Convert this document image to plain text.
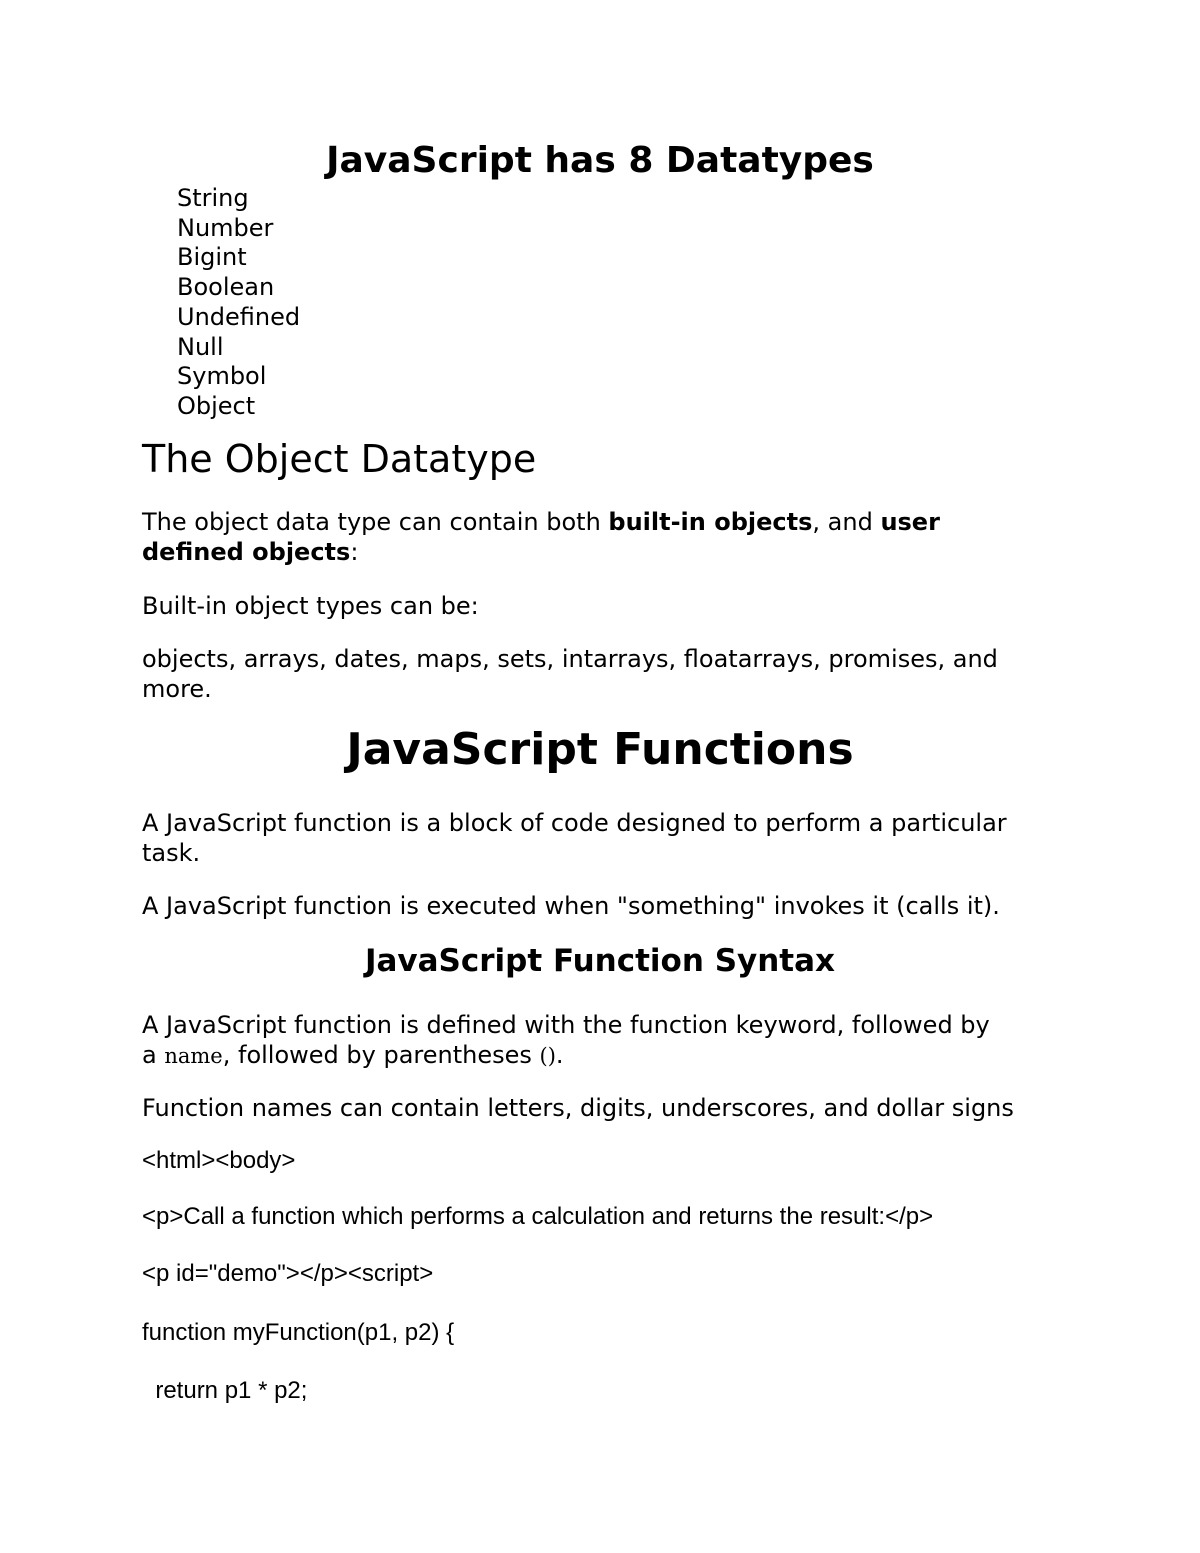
JavaScript has 8 Datatypes
String
Number
Bigint
Boolean
Undefined
Null
Symbol
Object
The Object Datatype
The object data type can contain both built-in objects, and user
defined objects:
Built-in object types can be:
objects, arrays, dates, maps, sets, intarrays, floatarrays, promises, and
more.
JavaScript Functions
A JavaScript function is a block of code designed to perform a particular
task.
A JavaScript function is executed when "something" invokes it (calls it).
JavaScript Function Syntax
A JavaScript function is defined with the function keyword, followed by
a name, followed by parentheses ().
Function names can contain letters, digits, underscores, and dollar signs
<html><body>
<p>Call a function which performs a calculation and returns the result:</p>
<p id="demo"></p><script>
function myFunction(p1, p2) {
return p1 * p2;
